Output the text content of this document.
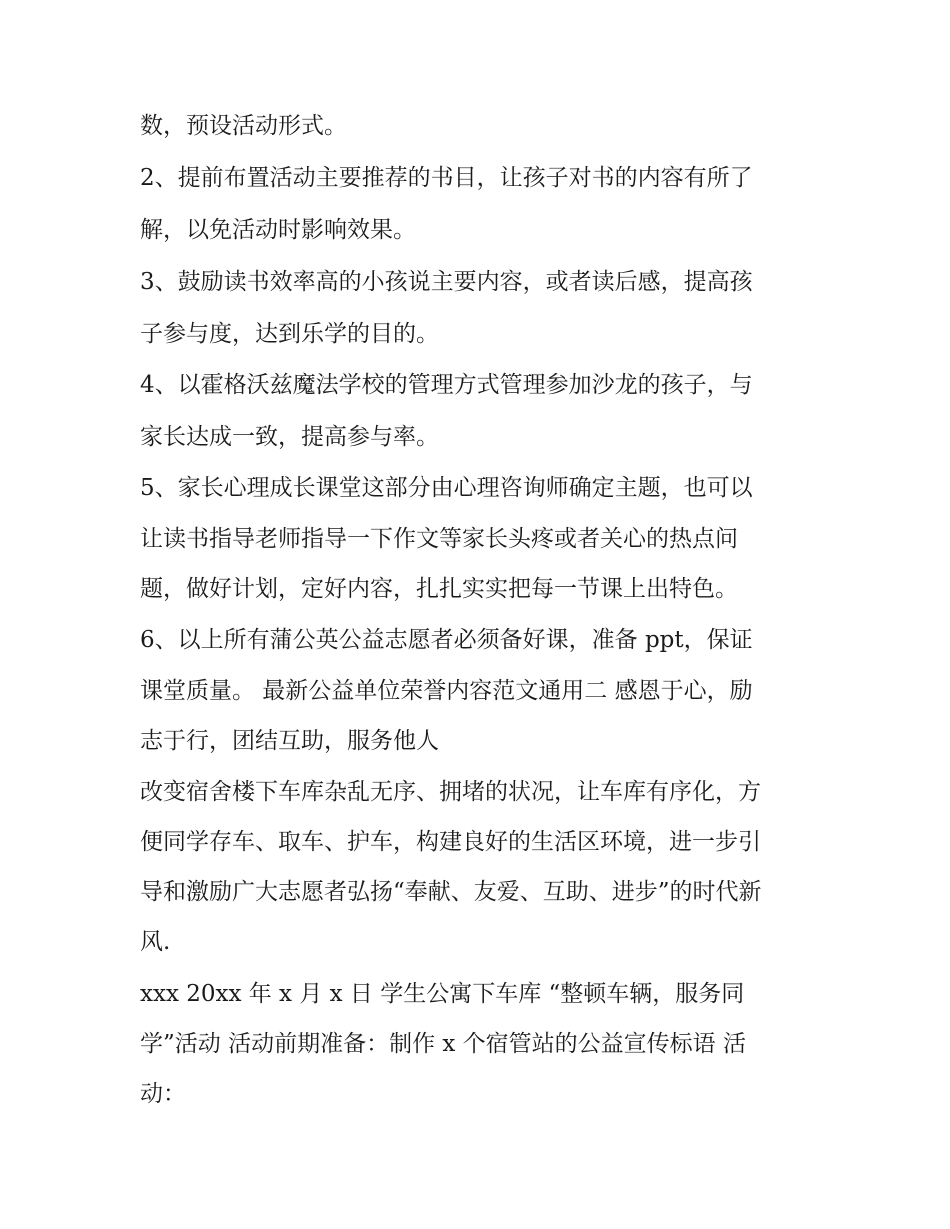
数，预设活动形式。
2、提前布置活动主要推荐的书目，让孩子对书的内容有所了
解，以免活动时影响效果。
3、鼓励读书效率高的小孩说主要内容，或者读后感，提高孩
子参与度，达到乐学的目的。
4、以霍格沃兹魔法学校的管理方式管理参加沙龙的孩子，与
家长达成一致，提高参与率。
5、家长心理成长课堂这部分由心理咨询师确定主题，也可以
让读书指导老师指导一下作文等家长头疼或者关心的热点问
题，做好计划，定好内容，扎扎实实把每一节课上出特色。
6、以上所有蒲公英公益志愿者必须备好课，准备 ppt，保证
课堂质量。 最新公益单位荣誉内容范文通用二 感恩于心，励
志于行，团结互助，服务他人
改变宿舍楼下车库杂乱无序、拥堵的状况，让车库有序化，方
便同学存车、取车、护车，构建良好的生活区环境，进一步引
导和激励广大志愿者弘扬“奉献、友爱、互助、进步”的时代新
风.
xxx 20xx 年 x 月 x 日 学生公寓下车库 “整顿车辆，服务同
学”活动 活动前期准备：制作 x 个宿管站的公益宣传标语 活
动：
